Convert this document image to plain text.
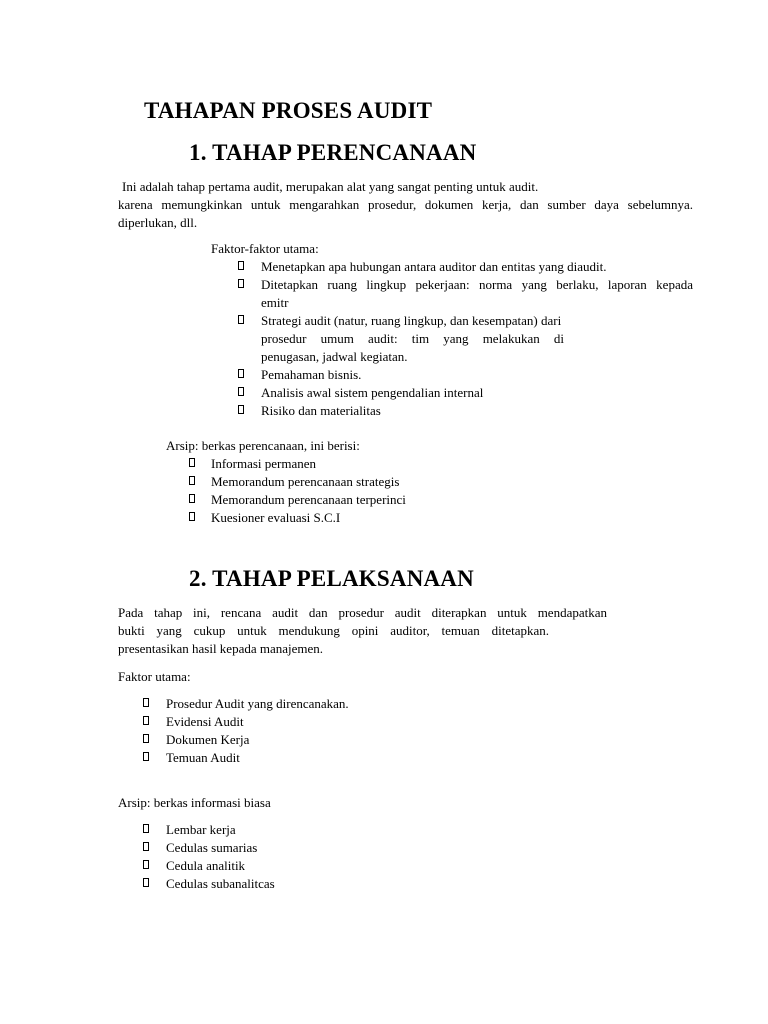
TAHAPAN PROSES AUDIT
1. TAHAP PERENCANAAN
Ini adalah tahap pertama audit, merupakan alat yang sangat penting untuk audit.
karena memungkinkan untuk mengarahkan prosedur, dokumen kerja, dan sumber daya sebelumnya.
diperlukan, dll.
Faktor-faktor utama:
Menetapkan apa hubungan antara auditor dan entitas yang diaudit.
Ditetapkan ruang lingkup pekerjaan: norma yang berlaku, laporan kepada
emitr
Strategi audit (natur, ruang lingkup, dan kesempatan) dari
prosedur umum audit: tim yang melakukan di
penugasan, jadwal kegiatan.
Pemahaman bisnis.
Analisis awal sistem pengendalian internal
Risiko dan materialitas
Arsip: berkas perencanaan, ini berisi:
Informasi permanen
Memorandum perencanaan strategis
Memorandum perencanaan terperinci
Kuesioner evaluasi S.C.I
2. TAHAP PELAKSANAAN
Pada tahap ini, rencana audit dan prosedur audit diterapkan untuk mendapatkan
bukti yang cukup untuk mendukung opini auditor, temuan ditetapkan.
presentasikan hasil kepada manajemen.
Faktor utama:
Prosedur Audit yang direncanakan.
Evidensi Audit
Dokumen Kerja
Temuan Audit
Arsip: berkas informasi biasa
Lembar kerja
Cedulas sumarias
Cedula analitik
Cedulas subanalitcas
